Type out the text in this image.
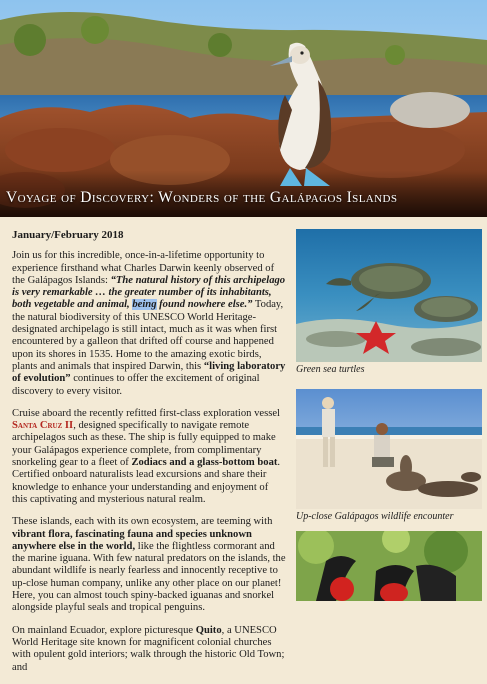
Voyage of Discovery: Wonders of the Galápagos Islands

January/February 2018

Join us for this incredible, once-in-a-lifetime opportunity to experience firsthand what Charles Darwin keenly observed of the Galápagos Islands: “The natural history of this archipelago is very remarkable … the greater number of its inhabitants, both vegetable and animal, being found nowhere else.” Today, the natural biodiversity of this UNESCO World Heritage-designated archipelago is still intact, much as it was when first encountered by a galleon that drifted off course and happened upon its shores in 1535. Home to the amazing exotic birds, plants and animals that inspired Darwin, this “living laboratory of evolution” continues to offer the excitement of original discovery to every visitor.

Cruise aboard the recently refitted first-class exploration vessel Santa Cruz II, designed specifically to navigate remote archipelagos such as these. The ship is fully equipped to make your Galápagos experience complete, from complimentary snorkeling gear to a fleet of Zodiacs and a glass-bottom boat. Certified onboard naturalists lead excursions and share their knowledge to enhance your understanding and enjoyment of this captivating and mysterious natural realm.

These islands, each with its own ecosystem, are teeming with vibrant flora, fascinating fauna and species unknown anywhere else in the world, like the flightless cormorant and the marine iguana. With few natural predators on the islands, the abundant wildlife is nearly fearless and innocently receptive to up-close human company, unlike any other place on our planet! Here, you can almost touch spiny-backed iguanas and snorkel alongside playful seals and tropical penguins.

On mainland Ecuador, explore picturesque Quito, a UNESCO World Heritage site known for magnificent colonial churches with opulent gold interiors; walk through the historic Old Town; and

Green sea turtles
Up-close Galápagos wildlife encounter
